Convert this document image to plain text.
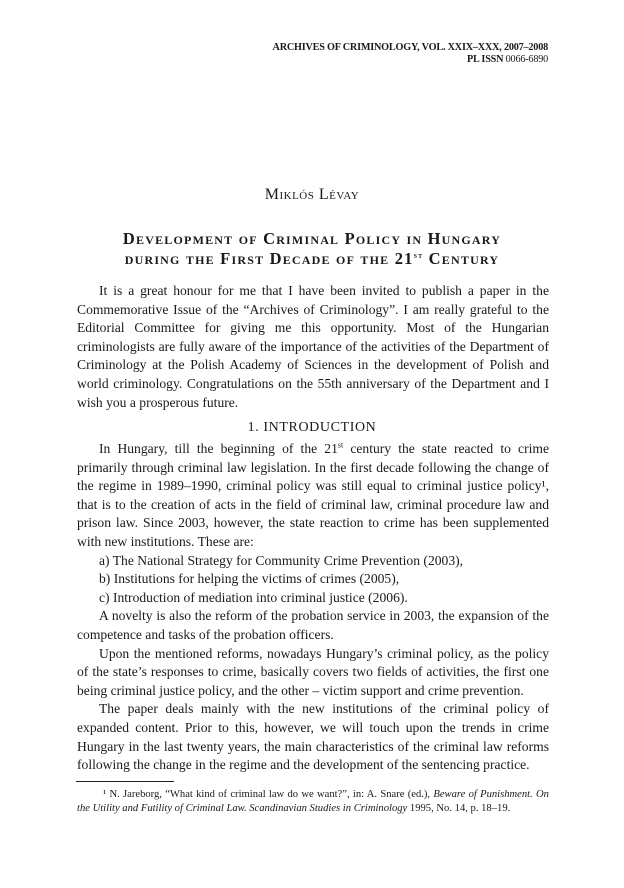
ARCHIVES OF CRIMINOLOGY, VOL. XXIX–XXX, 2007–2008
PL ISSN 0066-6890
Miklós Lévay
Development of Criminal Policy in Hungary
during the First Decade of the 21st Century

It is a great honour for me that I have been invited to publish a paper in the Commemorative Issue of the “Archives of Criminology”. I am really grateful to the Editorial Committee for giving me this opportunity. Most of the Hungarian criminologists are fully aware of the importance of the activities of the Department of Criminology at the Polish Academy of Sciences in the development of Polish and world criminology. Congratulations on the 55th anniversary of the Department and I wish you a prosperous future.

1. INTRODUCTION

In Hungary, till the beginning of the 21st century the state reacted to crime primarily through criminal law legislation. In the first decade following the change of the regime in 1989–1990, criminal policy was still equal to criminal justice policy¹, that is to the creation of acts in the field of criminal law, criminal procedure law and prison law. Since 2003, however, the state reaction to crime has been supplemented with new institutions. These are:

a) The National Strategy for Community Crime Prevention (2003),

b) Institutions for helping the victims of crimes (2005),

c) Introduction of mediation into criminal justice (2006).

A novelty is also the reform of the probation service in 2003, the expansion of the competence and tasks of the probation officers.

Upon the mentioned reforms, nowadays Hungary’s criminal policy, as the policy of the state’s responses to crime, basically covers two fields of activities, the first one being criminal justice policy, and the other – victim support and crime prevention.

The paper deals mainly with the new institutions of the criminal policy of expanded content. Prior to this, however, we will touch upon the trends in crime Hungary in the last twenty years, the main characteristics of the criminal law reforms following the change in the regime and the development of the sentencing practice.

¹ N. Jareborg, “What kind of criminal law do we want?”, in: A. Snare (ed.), Beware of Punishment. On the Utility and Futility of Criminal Law. Scandinavian Studies in Criminology 1995, No. 14, p. 18–19.
